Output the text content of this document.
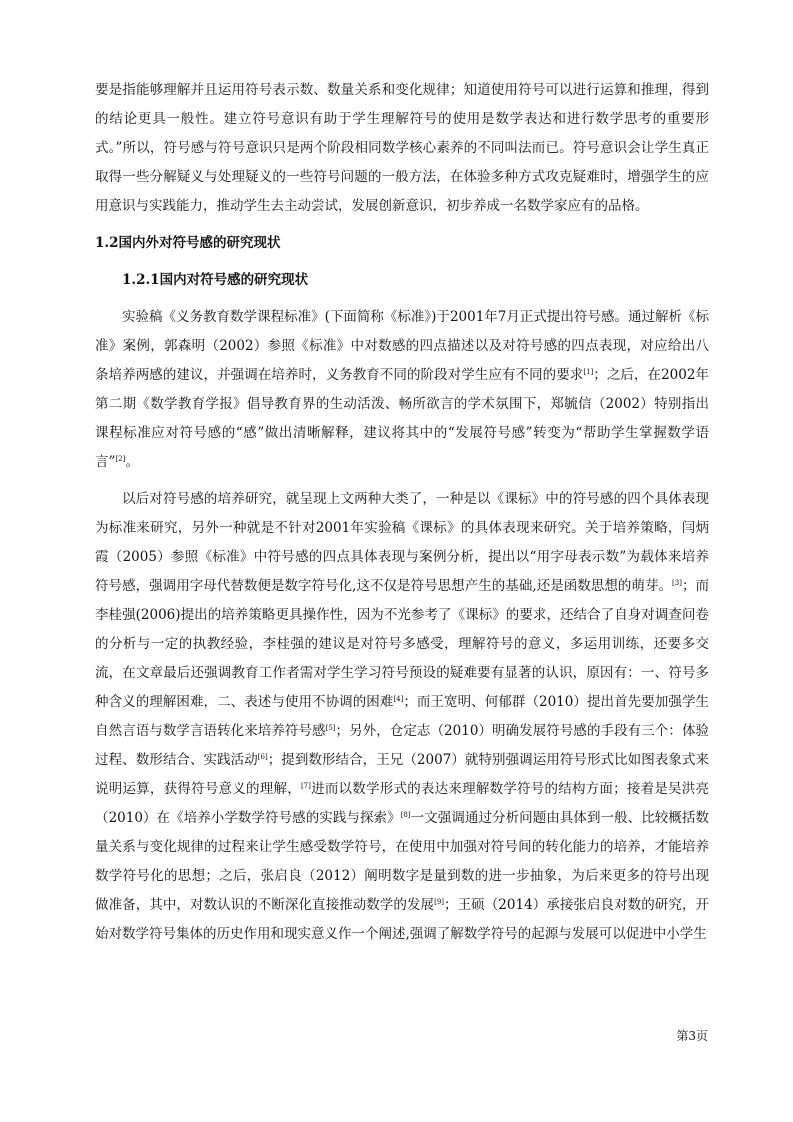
要是指能够理解并且运用符号表示数、数量关系和变化规律；知道使用符号可以进行运算和推理，得到的结论更具一般性。建立符号意识有助于学生理解符号的使用是数学表达和进行数学思考的重要形式。”所以，符号感与符号意识只是两个阶段相同数学核心素养的不同叫法而已。符号意识会让学生真正取得一些分解疑义与处理疑义的一些符号问题的一般方法，在体验多种方式攻克疑难时，增强学生的应用意识与实践能力，推动学生去主动尝试，发展创新意识，初步养成一名数学家应有的品格。

1.2国内外对符号感的研究现状

1.2.1国内对符号感的研究现状

实验稿《义务教育数学课程标准》(下面简称《标准》)于2001年7月正式提出符号感。通过解析《标准》案例，郭森明（2002）参照《标准》中对数感的四点描述以及对符号感的四点表现，对应给出八条培养两感的建议，并强调在培养时，义务教育不同的阶段对学生应有不同的要求[1]；之后，在2002年第二期《数学教育学报》倡导教育界的生动活泼、畅所欲言的学术氛围下，郑毓信（2002）特别指出课程标准应对符号感的“感”做出清晰解释，建议将其中的“发展符号感”转变为“帮助学生掌握数学语言”[2]。

以后对符号感的培养研究，就呈现上文两种大类了，一种是以《课标》中的符号感的四个具体表现为标准来研究，另外一种就是不针对2001年实验稿《课标》的具体表现来研究。关于培养策略，闫炳霞（2005）参照《标准》中符号感的四点具体表现与案例分析，提出以“用字母表示数”为载体来培养符号感，强调用字母代替数便是数字符号化,这不仅是符号思想产生的基础,还是函数思想的萌芽。[3]；而李桂强(2006)提出的培养策略更具操作性，因为不光参考了《课标》的要求，还结合了自身对调查问卷的分析与一定的执教经验，李桂强的建议是对符号多感受，理解符号的意义，多运用训练，还要多交流，在文章最后还强调教育工作者需对学生学习符号预设的疑难要有显著的认识，原因有：一、符号多种含义的理解困难，二、表述与使用不协调的困难[4]；而王宽明、何郁群（2010）提出首先要加强学生自然言语与数学言语转化来培养符号感[5]；另外，仓定志（2010）明确发展符号感的手段有三个：体验过程、数形结合、实践活动[6]；提到数形结合，王兄（2007）就特别强调运用符号形式比如图表象式来说明运算，获得符号意义的理解，[7]进而以数学形式的表达来理解数学符号的结构方面；接着是吴洪亮（2010）在《培养小学数学符号感的实践与探索》[8]一文强调通过分析问题由具体到一般、比较概括数量关系与变化规律的过程来让学生感受数学符号，在使用中加强对符号间的转化能力的培养，才能培养数学符号化的思想；之后，张启良（2012）阐明数字是量到数的进一步抽象，为后来更多的符号出现做准备，其中，对数认识的不断深化直接推动数学的发展[9]；王硕（2014）承接张启良对数的研究，开始对数学符号集体的历史作用和现实意义作一个阐述,强调了解数学符号的起源与发展可以促进中小学生

第3页
